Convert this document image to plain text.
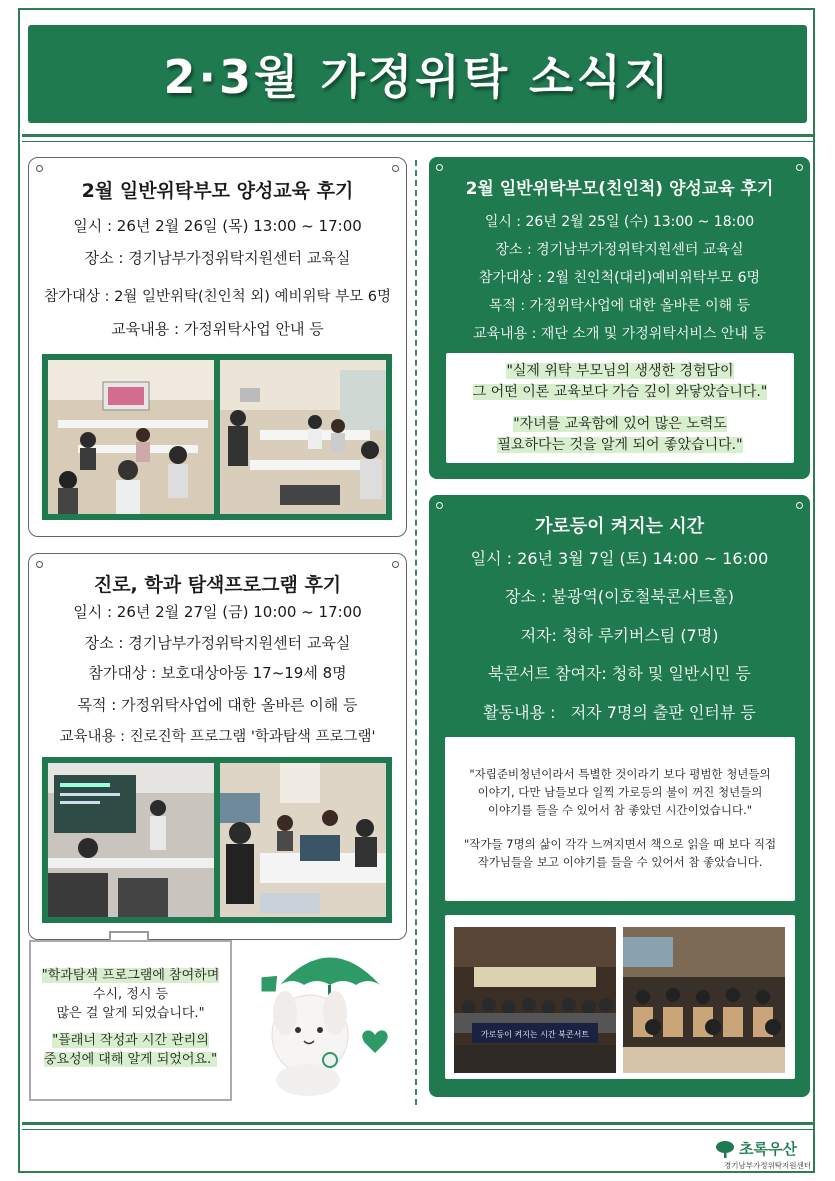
2·3월 가정위탁 소식지
2월 일반위탁부모 양성교육 후기
일시 : 26년 2월 26일 (목) 13:00 ~ 17:00
장소 : 경기남부가정위탁지원센터 교육실
참가대상 : 2월 일반위탁(친인척 외) 예비위탁 부모 6명
교육내용 : 가정위탁사업 안내 등
2월 일반위탁부모(친인척) 양성교육 후기
일시 : 26년 2월 25일 (수) 13:00 ~ 18:00
장소 : 경기남부가정위탁지원센터 교육실
참가대상 : 2월 친인척(대리)예비위탁부모 6명
목적 : 가정위탁사업에 대한 올바른 이해 등
교육내용 : 재단 소개 및 가정위탁서비스 안내 등
"실제 위탁 부모님의 생생한 경험담이
그 어떤 이론 교육보다 가슴 깊이 와닿았습니다."
"자녀를 교육함에 있어 많은 노력도
필요하다는 것을 알게 되어 좋았습니다."
진로, 학과 탐색프로그램 후기
일시 : 26년 2월 27일 (금) 10:00 ~ 17:00
장소 : 경기남부가정위탁지원센터 교육실
참가대상 : 보호대상아동 17~19세 8명
목적 : 가정위탁사업에 대한 올바른 이해 등
교육내용 : 진로진학 프로그램 '학과탐색 프로그램'
가로등이 켜지는 시간
일시 : 26년 3월 7일 (토) 14:00 ~ 16:00
장소 : 불광역(이호철북콘서트홀)
저자: 청하 루키버스팀 (7명)
북콘서트 참여자: 청하 및 일반시민 등
활동내용 :   저자 7명의 출판 인터뷰 등
"자립준비청년이라서 특별한 것이라기 보다 평범한 청년들의
이야기, 다만 남들보다 일찍 가로등의 불이 꺼진 청년들의
이야기를 들을 수 있어서 참 좋았던 시간이었습니다."
"작가들 7명의 삶이 각각 느껴지면서 책으로 읽을 때 보다 직접
작가님들을 보고 이야기를 들을 수 있어서 참 좋았습니다.
가로등이 켜지는 시간 북콘서트
"학과탐색 프로그램에 참여하며
수시, 정시 등
많은 걸 알게 되었습니다."
"플래너 작성과 시간 관리의
중요성에 대해 알게 되었어요."
초록우산
경기남부가정위탁지원센터
